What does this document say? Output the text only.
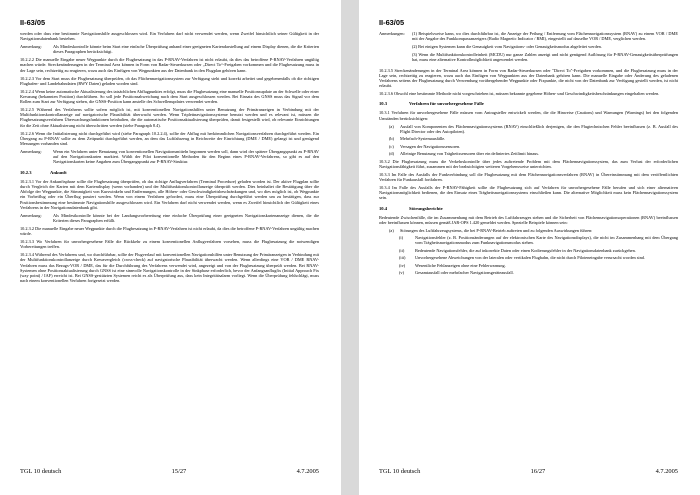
II-63/05
werden oder dass eine bestimmte Navigationshilfe ausgeschlossen wird. Ein Verfahren darf nicht verwendet werden, wenn Zweifel hinsichtlich seiner Gültigkeit in der Navigationsdatenbank bestehen.
Anmerkung:	Als Mindeskontrolle könnte beim Start eine einfache Überprüfung anhand einer geeigneten Kartendarstellung auf einem Display dienen, die die Kriterien dieses Paragraphen berücksichtigt.
10.2.2.2 Die manuelle Eingabe neuer Wegpunkte durch die Flugbesatzung in das P-RNAV-Verfahren ist nicht erlaubt, da dies das betroffene P-RNAV-Verfahren ungültig machen würde. Streckenänderungen in der Terminal Area können in Form von Radar-Steuerkursen oder „Direct To“-Freigaben vorkommen und die Flugbesatzung muss in der Lage sein, rechtzeitig zu reagieren, wozu auch das Einfügen von Wegpunkten aus der Datenbank in den Flugplan gehören kann.
10.2.2.3 Vor dem Start muss die Flugbesatzung überprüfen, ob das Flächennavigationssystem zur Verfügung steht und korrekt arbeitet und gegebenenfalls ob die richtigen Flughafen- und Landebahndaten (RWY Daten) geladen worden sind.
10.2.2.4 Wenn keine automatische Aktualisierung des tatsächlichen Abflugpunktes erfolgt, muss die Flugbesatzung eine manuelle Positionsupdate an der Schwelle oder einer Kreuzung (bekannten Position) durchführen. So soll jede Positionsabweichung nach dem Start ausgeschlossen werden. Bei Einsatz des GNSS muss das Signal vor dem Rollen zum Start zur Verfügung stehen, die GNSS-Position kann anstelle des Schwellenupdates verwendet werden.
10.2.2.5 Während des Verfahrens sollte sofern möglich ist, mit konventionellen Navigationshilfen unter Benutzung der Primäranzeigen in Verbindung mit der Multifunktionskontrollanzeige auf navigatorische Plausibilität überwacht werden. Wenn Triplettnavigationssysteme benutzt werden und es relevant ist, müssen die Flugbesatzungsverfahren Überwachungsfunktionen beinhalten, die die automatische Positionsaktualisierung überprüfen, damit festgestellt wird, ob relevante Einrichtungen für die Zeit ohne Aktualisierung nicht überschritten werden (siehe Paragraph 8.4).
10.2.2.6 Wenn die Initialisierung nicht durchgeführt wird (siehe Paragraph 10.2.2.4), sollte der Abflug mit herkömmlichen Navigationsverfahren durchgeführt werden. Ein Übergang zu P-RNAV sollte zu dem Zeitpunkt durchgeführt werden, an dem das Luftfahrzeug in Reichweite der Einrichtung (DME / DME) gelangt ist und genügend Messungen vorhanden sind.
Anmerkung:	Wenn ein Verfahren unter Benutzung von konventionellen Navigationsmitteln begonnen werden soll, dann wird der spätere Übergangspunkt zu P-RNAV auf den Navigationskarten markiert. Wählt der Pilot konventionelle Methoden für den Beginn eines P-RNAV-Verfahrens, so gibt es auf den Navigationskarten keine Angaben zum Übergangspunkt zur P-RNAV-Struktur.
10.2.3	Ankunft
10.2.3.1 Vor der Ankunftsphase sollte die Flugbesatzung überprüfen, ob das richtige Anflugverfahren (Terminal Procedure) geladen worden ist. Der aktive Flugplan sollte durch Vergleich der Karten mit dem Kartendisplay (wenn vorhanden) und der Multifunktionskontrollanzeige überprüft werden. Dies beinhaltet die Bestätigung über die Abfolge der Wegpunkte, die Stimmigkeit von Kurswinkeln und Entfernungen, alle Höhen- oder Geschwindigkeitsbeschränkungen und, wo dies möglich ist, ob Wegpunkte ein Vorbeiflug oder ein Überflug passiert werden. Wenn von einem Verfahren gefordert, muss eine Überprüfung durchgeführt werden um zu bestätigen, dass zur Positionsbestimmung eine bestimmte Navigationshilfe ausgeschlossen wird. Ein Verfahren darf nicht verwendet werden, wenn es Zweifel hinsichtlich der Gültigkeit eines Verfahrens in der Navigationsdatenbank gibt.
Anmerkung:	Als Mindestkontrolle könnte bei der Landungsvorbereitung eine einfache Überprüfung einer geeigneten Navigationskartenanzeige dienen, die die Kriterien dieses Paragraphen erfüllt.
10.2.3.2 Die manuelle Eingabe neuer Wegpunkte durch die Flugbesatzung in P-RNAV-Verfahren ist nicht erlaubt, da dies die betroffene P-RNAV-Verfahren ungültig machen würde.
10.2.3.3 Wo Verfahren für unvorhergesehene Fälle die Rückkehr zu einem konventionellen Anflugverfahren vorsehen, muss die Flugbesatzung die notwendigen Vorbereitungen treffen.
10.2.3.4 Während des Verfahrens und, wo durchführbar, sollte der Flugverlauf mit konventionellen Navigationshilfen unter Benutzung der Primäranzeigen in Verbindung mit der Multifunktionskontrollanzeige durch Kreuzvergleich (cross-check) auf navigatorische Plausibilität überwacht werden. Wenn allerdings eine VOR / DME RNAV-Verfahren muss das Bezugs-VOR / DME, das für die Durchführung des Verfahrens verwendet wird, angezeigt und von der Flugbesatzung überprüft werden. Bei RNAV-Systemen ohne Positionsaktualisierung durch GNSS ist eine sinnvolle Navigationskontrolle in der Sinkphase erforderlich, bevor der Anfangsanflugfix (Initial Approach Fix (way point) / IAF) erreicht ist. Bei GNSS-gestützten Systemen reicht es als Überprüfung aus, dass kein Integritätsalarm vorliegt. Wenn die Überprüfung fehlschlägt, muss nach einem konventionellen Verfahren fortgesetzt werden.
TGL 10 deutsch	15/27	4.7.2005
II-63/05
Anmerkungen:	(1) Beispielsweise kann, wo dies durchführbar ist, die Anzeige der Peilung / Entfernung vom Flächennavigationssystem (RNAV) zu einem VOR / DME mit der Angabe des Funkkompassanzeigers (Radio Magnetic Indicator / RMI), eingestellt auf dasselbe VOR / DME, verglichen werden.
(2) Bei einigen Systemen kann die Genauigkeit vom Navigations- oder Genauigkeitsmodus abgeleitet werden.
(3) Wenn die Multifunktionskontrolleinheit (MCDU) nur ganze Zahlen anzeigt und nicht genügend Auflösung für P-RNAV-Genauigkeitsüberprüfungen hat, muss eine alternative Kontrollmöglichkeit angewendet werden.
10.2.3.5 Streckenänderungen in der Terminal Area können in Form von Radar-Steuerkursen oder "Direct To"-Freigaben vorkommen, und die Flugbesatzung muss in der Lage sein, rechtzeitig zu reagieren, wozu auch das Einfügen von Wegpunkten aus der Datenbank gehören kann. Die manuelle Eingabe oder Änderung des geladenen Verfahrens seitens der Flugbesatzung durch Verwendung vorübergehender Wegpunkte oder Fixpunkte, die nicht von der Datenbank zur Verfügung gestellt werden, ist nicht erlaubt.
10.2.3.6 Obwohl eine bestimmte Methode nicht vorgeschrieben ist, müssen bekannte gegebene Höhen- und Geschwindigkeitsbeschränkungen eingehalten werden.
10.3	Verfahren für unvorhergesehene Fälle
10.3.1 Verfahren für unvorhergesehene Fälle müssen vom Antragsteller entwickelt werden, die die Hinweise (Cautions) und Warnungen (Warnings) bei den folgenden Umständen berücksichtigen:
(a)	Ausfall von Komponenten des Flächennavigationssystems (RNAV) einschließlich derjenigen, die den Flugtechnischen Fehler beeinflussen (z. B. Ausfall des Flight Director oder des Autopiloten).
(b)	Mehrfach-Systemausfälle.
(c)	Versagen der Navigationssensoren.
(d)	Alleinige Benutzung von Trägheitssensoren über ein definiertes Zeitlimit hinaus.
10.3.2 Die Flugbesatzung muss die Verkehrskontrolle über jedes auftretende Problem mit dem Flächennavigationssystem, das zum Verlust der erforderlichen Navigationsfähigkeit führt, zusammen mit der beabsichtigten weiteren Vorgehensweise unterrichten.
10.3.3 Im Falle des Ausfalls der Funkverbindung soll die Flugbesatzung mit dem Flächennavigationsverfahren (RNAV) in Übereinstimmung mit dem veröffentlichten Verfahren für Funkausfall fortfahren.
10.3.4 Im Falle des Ausfalls der P-RNAV-Fähigkeit sollte die Flugbesatzung sich auf Verfahren für unvorhergesehene Fälle berufen und sich einer alternativen Navigationsmöglichkeit bedienen, die den Einsatz eines Trägheitsnavigationssystems einschließen kann. Die alternative Möglichkeit muss kein Flächennavigationssystem sein.
10.4	Störungsberichte
Bedeutende Zwischenfälle, die im Zusammenhang mit dem Betrieb des Luftfahrzeuges stehen und die Sicherheit von Flächennavigationsoperationen (RNAV) beeinflussen oder beeinflussen können, müssen gemäß JAR-OPS 1.420 gemeldet werden. Spezielle Beispiele können sein:
(a)	Störungen des Luftfahrzeugsystems, die bei P-RNAV-Betrieb auftreten und zu folgenden Auswirkungen führen:
(i)	Navigationsfehler (z. B. Positionsänderungen auf der elektronischen Karte des Navigationsdisplays), die nicht im Zusammenhang mit dem Übergang vom Trägheitsnavigationsmodus zum Funknavigationsmodus stehen.
(ii)	Bedeutende Navigationsfehler, die auf inkorrekte Daten oder einen Kodierungsfehler in der Navigationsdatenbank zurückgehen.
(iii)	Unvorhergesehene Abweichungen von der lateralen oder vertikalen Flugbahn, die nicht durch Piloteneingabe verursacht worden sind.
(iv)	Wesentliche Fehlanzeigen ohne eine Fehlerwarnung.
(v)	Gesamtausfall oder mehrfacher Navigationsgeräteausfall.
TGL 10 deutsch	16/27	4.7.2005
